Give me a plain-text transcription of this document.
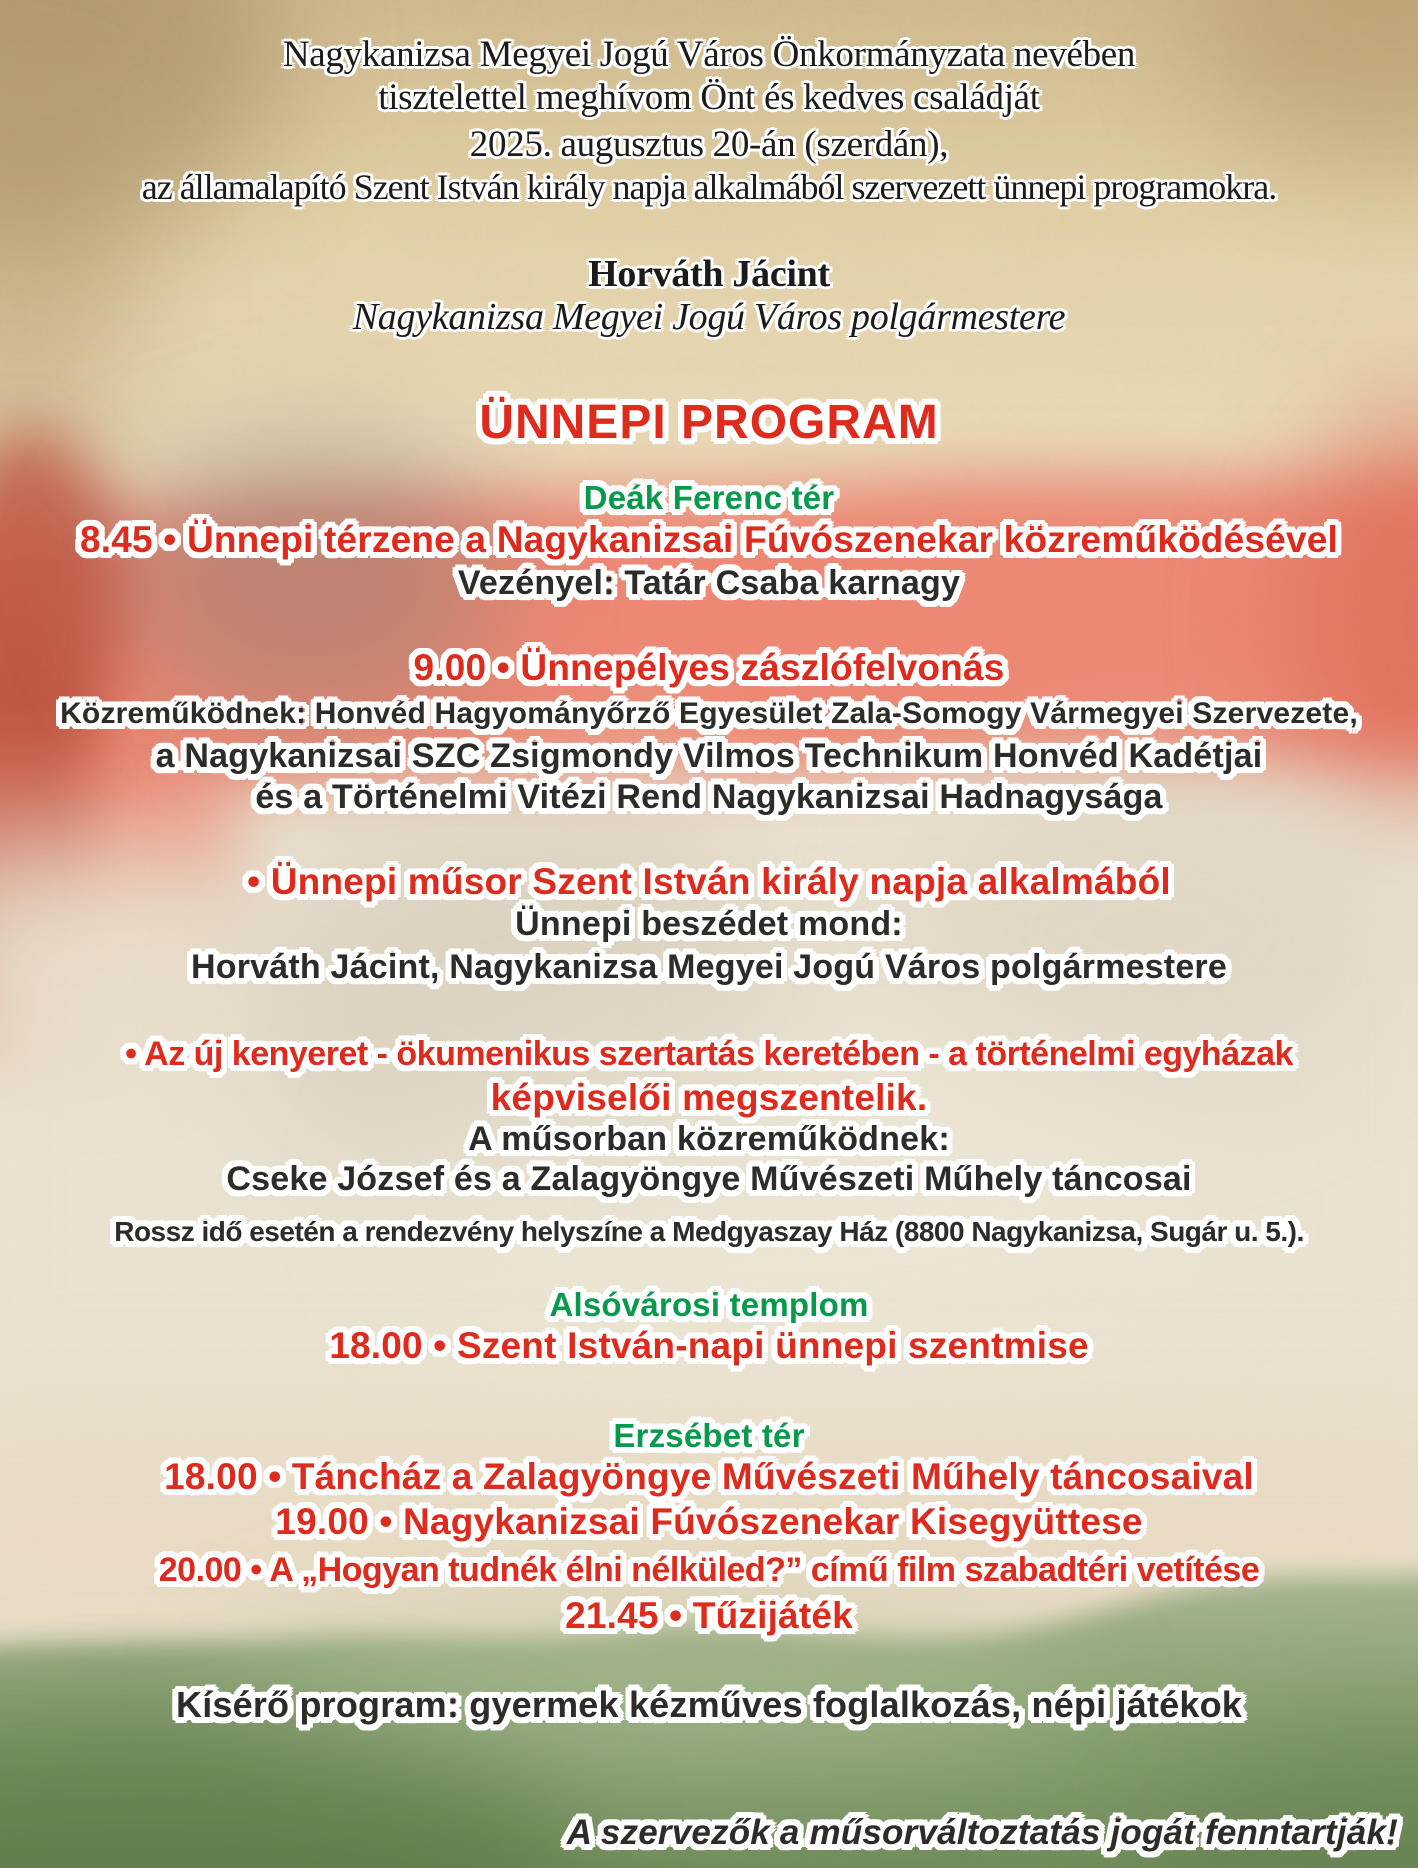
Nagykanizsa Megyei Jogú Város Önkormányzata nevében
tisztelettel meghívom Önt és kedves családját
2025. augusztus 20-án (szerdán),
az államalapító Szent István király napja alkalmából szervezett ünnepi programokra.
Horváth Jácint
Nagykanizsa Megyei Jogú Város polgármestere
ÜNNEPI PROGRAM
Deák Ferenc tér
8.45 • Ünnepi térzene a Nagykanizsai Fúvószenekar közreműködésével
Vezényel: Tatár Csaba karnagy
9.00 • Ünnepélyes zászlófelvonás
Közreműködnek: Honvéd Hagyományőrző Egyesület Zala-Somogy Vármegyei Szervezete,
a Nagykanizsai SZC Zsigmondy Vilmos Technikum Honvéd Kadétjai
és a Történelmi Vitézi Rend Nagykanizsai Hadnagysága
• Ünnepi műsor Szent István király napja alkalmából
Ünnepi beszédet mond:
Horváth Jácint, Nagykanizsa Megyei Jogú Város polgármestere
• Az új kenyeret - ökumenikus szertartás keretében - a történelmi egyházak
képviselői megszentelik.
A műsorban közreműködnek:
Cseke József és a Zalagyöngye Művészeti Műhely táncosai
Rossz idő esetén a rendezvény helyszíne a Medgyaszay Ház (8800 Nagykanizsa, Sugár u. 5.).
Alsóvárosi templom
18.00 • Szent István-napi ünnepi szentmise
Erzsébet tér
18.00 • Táncház a Zalagyöngye Művészeti Műhely táncosaival
19.00 • Nagykanizsai Fúvószenekar Kisegyüttese
20.00 • A „Hogyan tudnék élni nélküled?” című film szabadtéri vetítése
21.45 • Tűzijáték
Kísérő program: gyermek kézműves foglalkozás, népi játékok
A szervezők a műsorváltoztatás jogát fenntartják!
